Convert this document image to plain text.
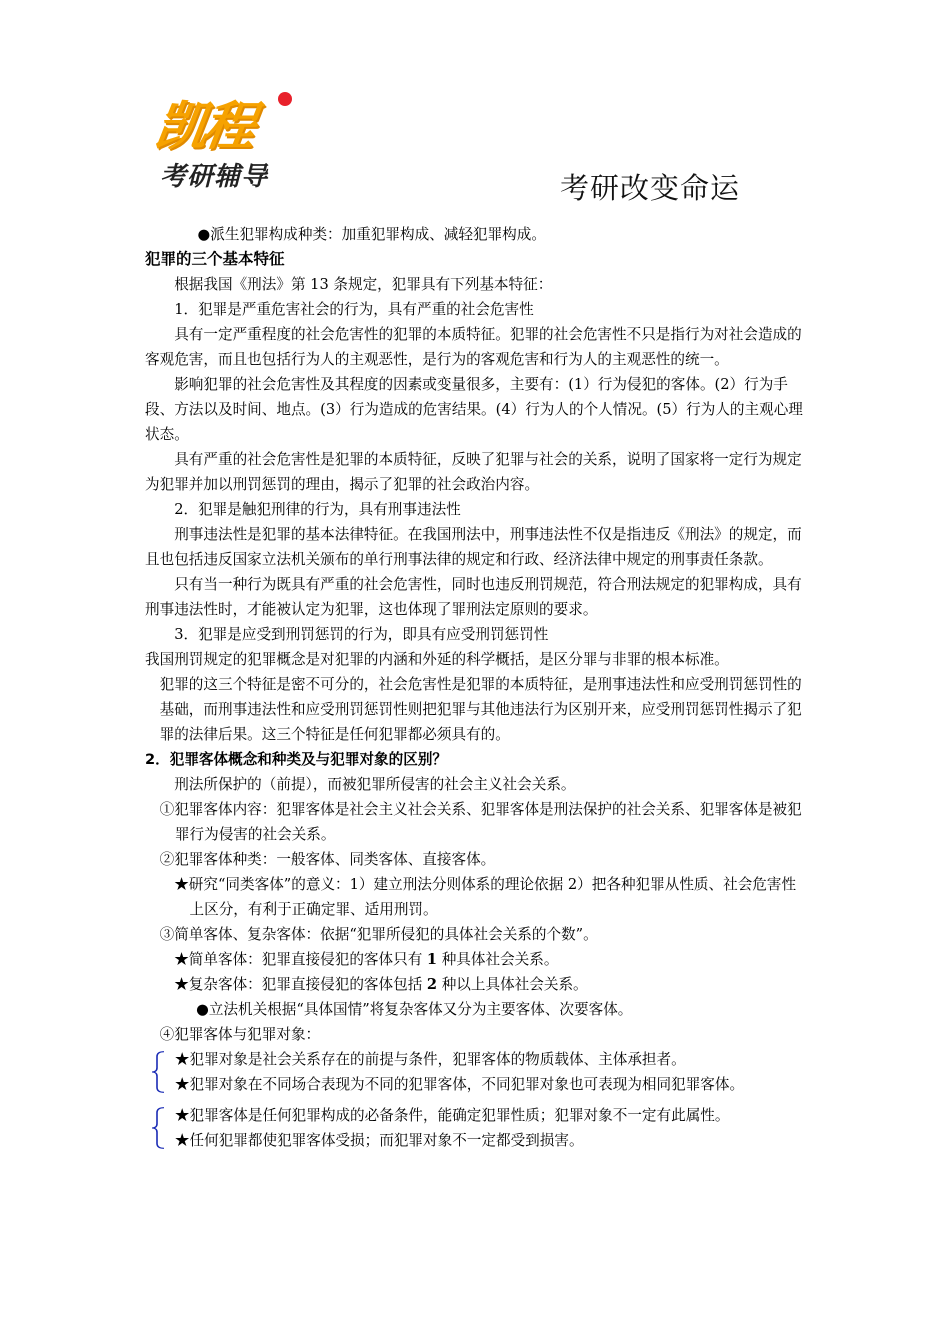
凯程
考研辅导	考研改变命运

●派生犯罪构成种类：加重犯罪构成、减轻犯罪构成。

犯罪的三个基本特征

根据我国《刑法》第 13 条规定，犯罪具有下列基本特征：

1．犯罪是严重危害社会的行为，具有严重的社会危害性

具有一定严重程度的社会危害性的犯罪的本质特征。犯罪的社会危害性不只是指行为对社会造成的客观危害，而且也包括行为人的主观恶性，是行为的客观危害和行为人的主观恶性的统一。

影响犯罪的社会危害性及其程度的因素或变量很多，主要有：(1）行为侵犯的客体。(2）行为手段、方法以及时间、地点。(3）行为造成的危害结果。(4）行为人的个人情况。(5）行为人的主观心理状态。

具有严重的社会危害性是犯罪的本质特征，反映了犯罪与社会的关系，说明了国家将一定行为规定为犯罪并加以刑罚惩罚的理由，揭示了犯罪的社会政治内容。

2．犯罪是触犯刑律的行为，具有刑事违法性

刑事违法性是犯罪的基本法律特征。在我国刑法中，刑事违法性不仅是指违反《刑法》的规定，而且也包括违反国家立法机关颁布的单行刑事法律的规定和行政、经济法律中规定的刑事责任条款。

只有当一种行为既具有严重的社会危害性，同时也违反刑罚规范，符合刑法规定的犯罪构成，具有刑事违法性时，才能被认定为犯罪，这也体现了罪刑法定原则的要求。

3．犯罪是应受到刑罚惩罚的行为，即具有应受刑罚惩罚性

我国刑罚规定的犯罪概念是对犯罪的内涵和外延的科学概括，是区分罪与非罪的根本标准。

犯罪的这三个特征是密不可分的，社会危害性是犯罪的本质特征，是刑事违法性和应受刑罚惩罚性的基础，而刑事违法性和应受刑罚惩罚性则把犯罪与其他违法行为区别开来，应受刑罚惩罚性揭示了犯罪的法律后果。这三个特征是任何犯罪都必须具有的。

2．犯罪客体概念和种类及与犯罪对象的区别？

刑法所保护的（前提），而被犯罪所侵害的社会主义社会关系。

①犯罪客体内容：犯罪客体是社会主义社会关系、犯罪客体是刑法保护的社会关系、犯罪客体是被犯罪行为侵害的社会关系。

②犯罪客体种类：一般客体、同类客体、直接客体。

★研究“同类客体”的意义：1）建立刑法分则体系的理论依据 2）把各种犯罪从性质、社会危害性上区分，有利于正确定罪、适用刑罚。

③简单客体、复杂客体：依据“犯罪所侵犯的具体社会关系的个数”。

★简单客体：犯罪直接侵犯的客体只有 1 种具体社会关系。

★复杂客体：犯罪直接侵犯的客体包括 2 种以上具体社会关系。

●立法机关根据“具体国情”将复杂客体又分为主要客体、次要客体。

④犯罪客体与犯罪对象：

★犯罪对象是社会关系存在的前提与条件，犯罪客体的物质载体、主体承担者。

★犯罪对象在不同场合表现为不同的犯罪客体，不同犯罪对象也可表现为相同犯罪客体。

★犯罪客体是任何犯罪构成的必备条件，能确定犯罪性质；犯罪对象不一定有此属性。

★任何犯罪都使犯罪客体受损；而犯罪对象不一定都受到损害。
